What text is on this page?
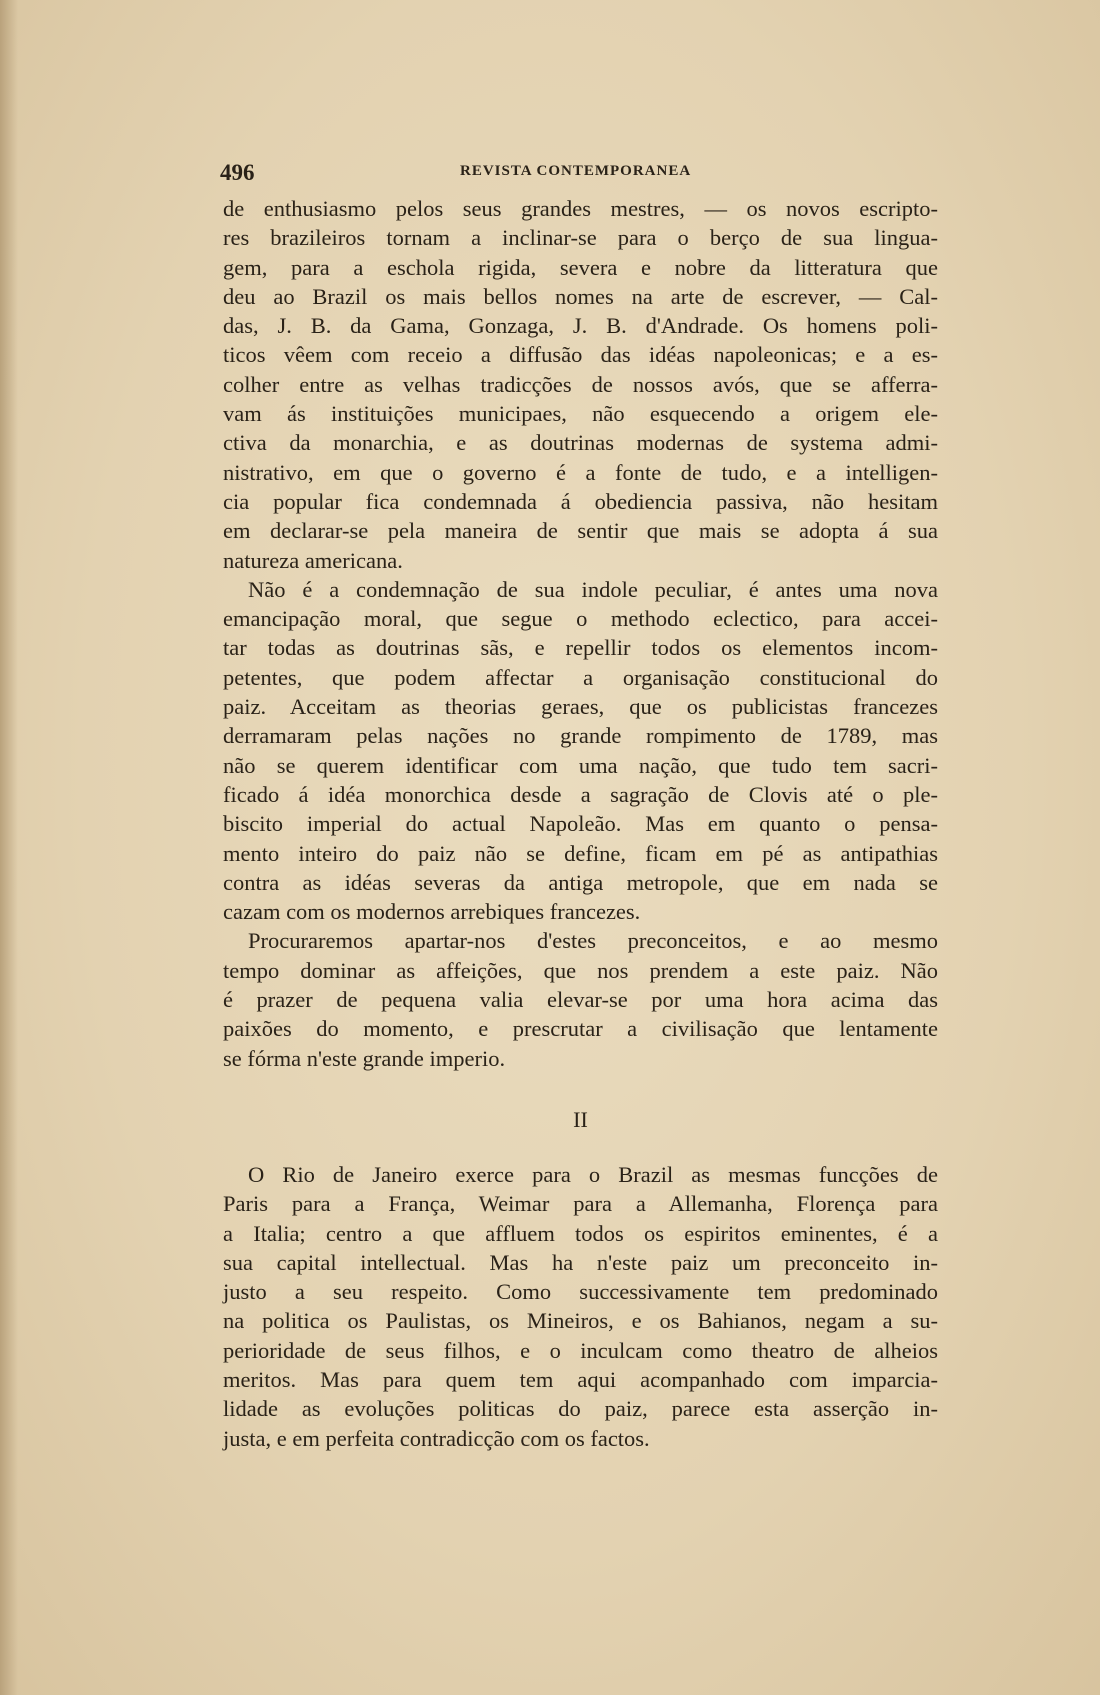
496	REVISTA CONTEMPORANEA
de enthusiasmo pelos seus grandes mestres, — os novos escripto-
res brazileiros tornam a inclinar-se para o berço de sua lingua-
gem, para a eschola rigida, severa e nobre da litteratura que
deu ao Brazil os mais bellos nomes na arte de escrever, — Cal-
das, J. B. da Gama, Gonzaga, J. B. d'Andrade. Os homens poli-
ticos vêem com receio a diffusão das idéas napoleonicas; e a es-
colher entre as velhas tradicções de nossos avós, que se afferra-
vam ás instituições municipaes, não esquecendo a origem ele-
ctiva da monarchia, e as doutrinas modernas de systema admi-
nistrativo, em que o governo é a fonte de tudo, e a intelligen-
cia popular fica condemnada á obediencia passiva, não hesitam
em declarar-se pela maneira de sentir que mais se adopta á sua
natureza americana.
Não é a condemnação de sua indole peculiar, é antes uma nova
emancipação moral, que segue o methodo eclectico, para accei-
tar todas as doutrinas sãs, e repellir todos os elementos incom-
petentes, que podem affectar a organisação constitucional do
paiz. Acceitam as theorias geraes, que os publicistas francezes
derramaram pelas nações no grande rompimento de 1789, mas
não se querem identificar com uma nação, que tudo tem sacri-
ficado á idéa monorchica desde a sagração de Clovis até o ple-
biscito imperial do actual Napoleão. Mas em quanto o pensa-
mento inteiro do paiz não se define, ficam em pé as antipathias
contra as idéas severas da antiga metropole, que em nada se
cazam com os modernos arrebiques francezes.
Procuraremos apartar-nos d'estes preconceitos, e ao mesmo
tempo dominar as affeições, que nos prendem a este paiz. Não
é prazer de pequena valia elevar-se por uma hora acima das
paixões do momento, e prescrutar a civilisação que lentamente
se fórma n'este grande imperio.
II
O Rio de Janeiro exerce para o Brazil as mesmas funcções de
Paris para a França, Weimar para a Allemanha, Florença para
a Italia; centro a que affluem todos os espiritos eminentes, é a
sua capital intellectual. Mas ha n'este paiz um preconceito in-
justo a seu respeito. Como successivamente tem predominado
na politica os Paulistas, os Mineiros, e os Bahianos, negam a su-
perioridade de seus filhos, e o inculcam como theatro de alheios
meritos. Mas para quem tem aqui acompanhado com imparcia-
lidade as evoluções politicas do paiz, parece esta asserção in-
justa, e em perfeita contradicção com os factos.
